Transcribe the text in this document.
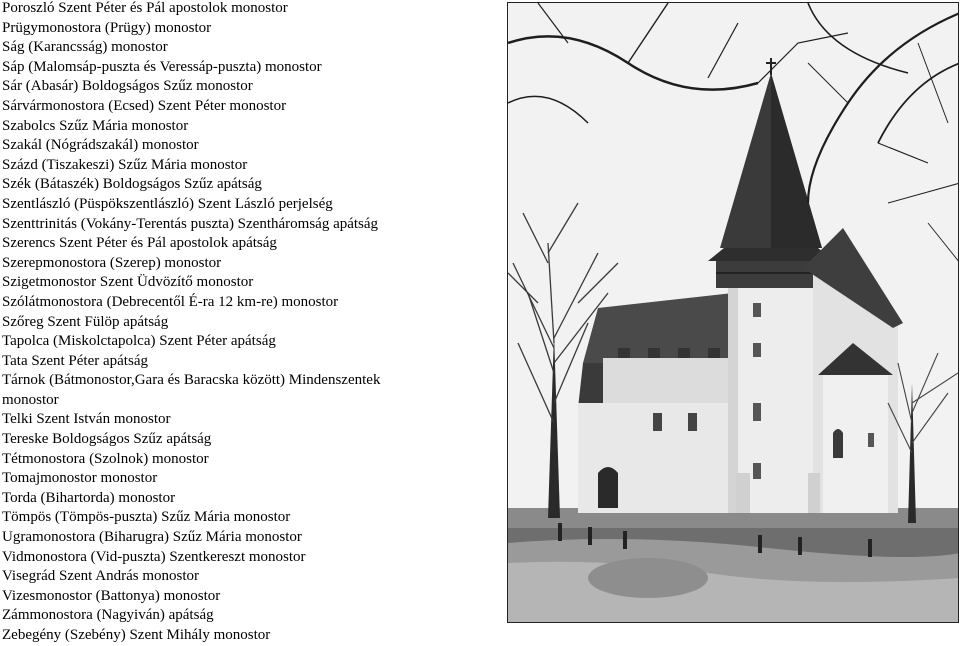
Poroszló Szent Péter és Pál apostolok monostor
Prügymonostora (Prügy) monostor
Ság (Karancsság) monostor
Sáp (Malomsáp-puszta és Veressáp-puszta) monostor
Sár (Abasár) Boldogságos Szűz monostor
Sárvármonostora (Ecsed) Szent Péter monostor
Szabolcs Szűz Mária monostor
Szakál (Nógrádszakál) monostor
Százd (Tiszakeszi) Szűz Mária monostor
Szék (Bátaszék) Boldogságos Szűz apátság
Szentlászló (Püspökszentlászló) Szent László perjelség
Szenttrinitás (Vokány-Terentás puszta) Szentháromság apátság
Szerencs Szent Péter és Pál apostolok apátság
Szerepmonostora (Szerep) monostor
Szigetmonostor Szent Üdvözítő monostor
Szólátmonostora (Debrecentől É-ra 12 km-re) monostor
Szőreg Szent Fülöp apátság
Tapolca (Miskolctapolca) Szent Péter apátság
Tata Szent Péter apátság
Tárnok (Bátmonostor,Gara és Baracska között) Mindenszentek
monostor
Telki Szent István monostor
Tereske Boldogságos Szűz apátság
Tétmonostora (Szolnok) monostor
Tomajmonostor monostor
Torda (Bihartorda) monostor
Tömpös (Tömpös-puszta) Szűz Mária monostor
Ugramonostora (Biharugra) Szűz Mária monostor
Vidmonostora (Vid-puszta) Szentkereszt monostor
Visegrád Szent András monostor
Vizesmonostor (Battonya) monostor
Zámmonostora (Nagyiván) apátság
Zebegény (Szebény) Szent Mihály monostor
